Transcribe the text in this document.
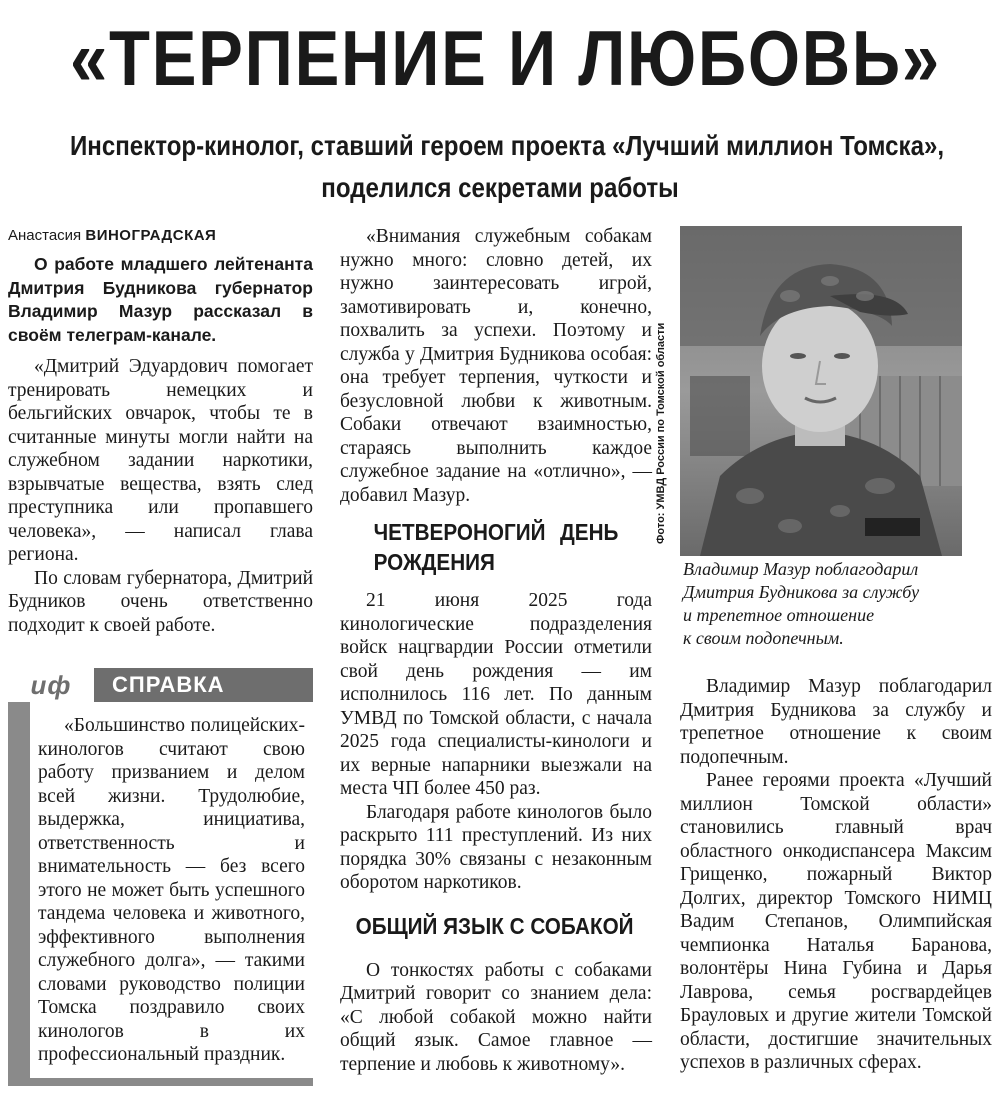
«ТЕРПЕНИЕ И ЛЮБОВЬ»
Инспектор-кинолог, ставший героем проекта «Лучший миллион Томска»,
поделился секретами работы

Анастасия ВИНОГРАДСКАЯ

О работе младшего лейтенанта Дмитрия Будникова губернатор Владимир Мазур рассказал в своём телеграм-канале.

«Дмитрий Эдуардович помогает тренировать немецких и бельгийских овчарок, чтобы те в считанные минуты могли найти на служебном задании наркотики, взрывчатые вещества, взять след преступника или пропавшего человека», — написал глава региона.

По словам губернатора, Дмитрий Будников очень ответственно подходит к своей работе.

иф	СПРАВКА
«Большинство полицейских-кинологов считают свою работу призванием и делом всей жизни. Трудолюбие, выдержка, инициатива, ответственность и внимательность — без всего этого не может быть успешного тандема человека и животного, эффективного выполнения служебного долга», — такими словами руководство полиции Томска поздравило своих кинологов в их профессиональный праздник.

«Внимания служебным собакам нужно много: словно детей, их нужно заинтересовать игрой, замотивировать и, конечно, похвалить за успехи. Поэтому и служба у Дмитрия Будникова особая: она требует терпения, чуткости и безусловной любви к животным. Собаки отвечают взаимностью, стараясь выполнить каждое служебное задание на «отлично», — добавил Мазур.

ЧЕТВЕРОНОГИЙ ДЕНЬ РОЖДЕНИЯ

21 июня 2025 года кинологические подразделения войск нацгвардии России отметили свой день рождения — им исполнилось 116 лет. По данным УМВД по Томской области, с начала 2025 года специалисты-кинологи и их верные напарники выезжали на места ЧП более 450 раз.

Благодаря работе кинологов было раскрыто 111 преступлений. Из них порядка 30% связаны с незаконным оборотом наркотиков.

ОБЩИЙ ЯЗЫК С СОБАКОЙ

О тонкостях работы с собаками Дмитрий говорит со знанием дела: «С любой собакой можно найти общий язык. Самое главное — терпение и любовь к животному».

Фото: УМВД России по Томской области
Владимир Мазур поблагодарил
Дмитрия Будникова за службу
и трепетное отношение
к своим подопечным.

Владимир Мазур поблагодарил Дмитрия Будникова за службу и трепетное отношение к своим подопечным.

Ранее героями проекта «Лучший миллион Томской области» становились главный врач областного онкодиспансера Максим Грищенко, пожарный Виктор Долгих, директор Томского НИМЦ Вадим Степанов, Олимпийская чемпионка Наталья Баранова, волонтёры Нина Губина и Дарья Лаврова, семья росгвардейцев Брауловых и другие жители Томской области, достигшие значительных успехов в различных сферах.
